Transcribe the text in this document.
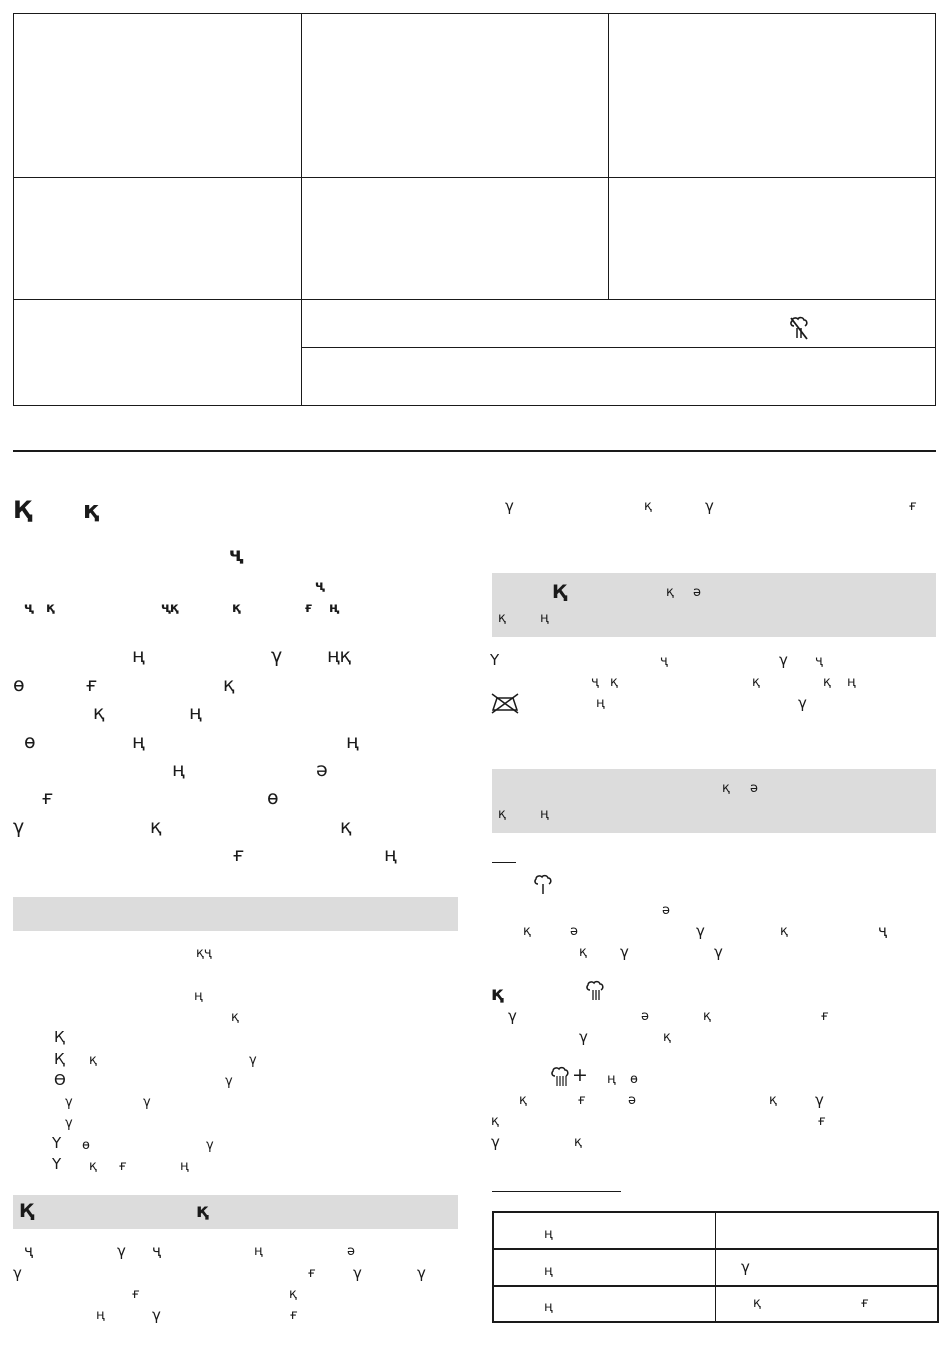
Қ қ
ҷ
ҷ
ҷ қ	ҷқ	қ	ғ ң
ң	γ ңқ
ө	ғ	қ
қ	ң
ө	ң	ң
ң	ә
ғ	ө
γ	қ	қ
ғ	ң
қҷ
ң
қ
Қ
Қ қ	γ
Ө	γ
γ	γ
γ
Υ ө	γ
Υ қ ғ	ң
Қ	қ
ҷ	γ ҷ	ң	ә
γ	ғ γ	γ
ғ	қ
ң	γ	ғ
γ	қ	γ	ғ
Қ	қ ə
қ	ң
Υ	ҷ	γ ҷ
ҷ қ	қ	қ ң
ң	γ
қ ə
қ	ң
ə
қ	ə	γ	қ	ҷ
қ γ	γ
қ
γ	ə	қ	ғ
γ	қ
+ ң ө
қ	ғ	ə	қ	γ
қ	ғ
γ	қ
ң
ң	γ
ң	қ	ғ
